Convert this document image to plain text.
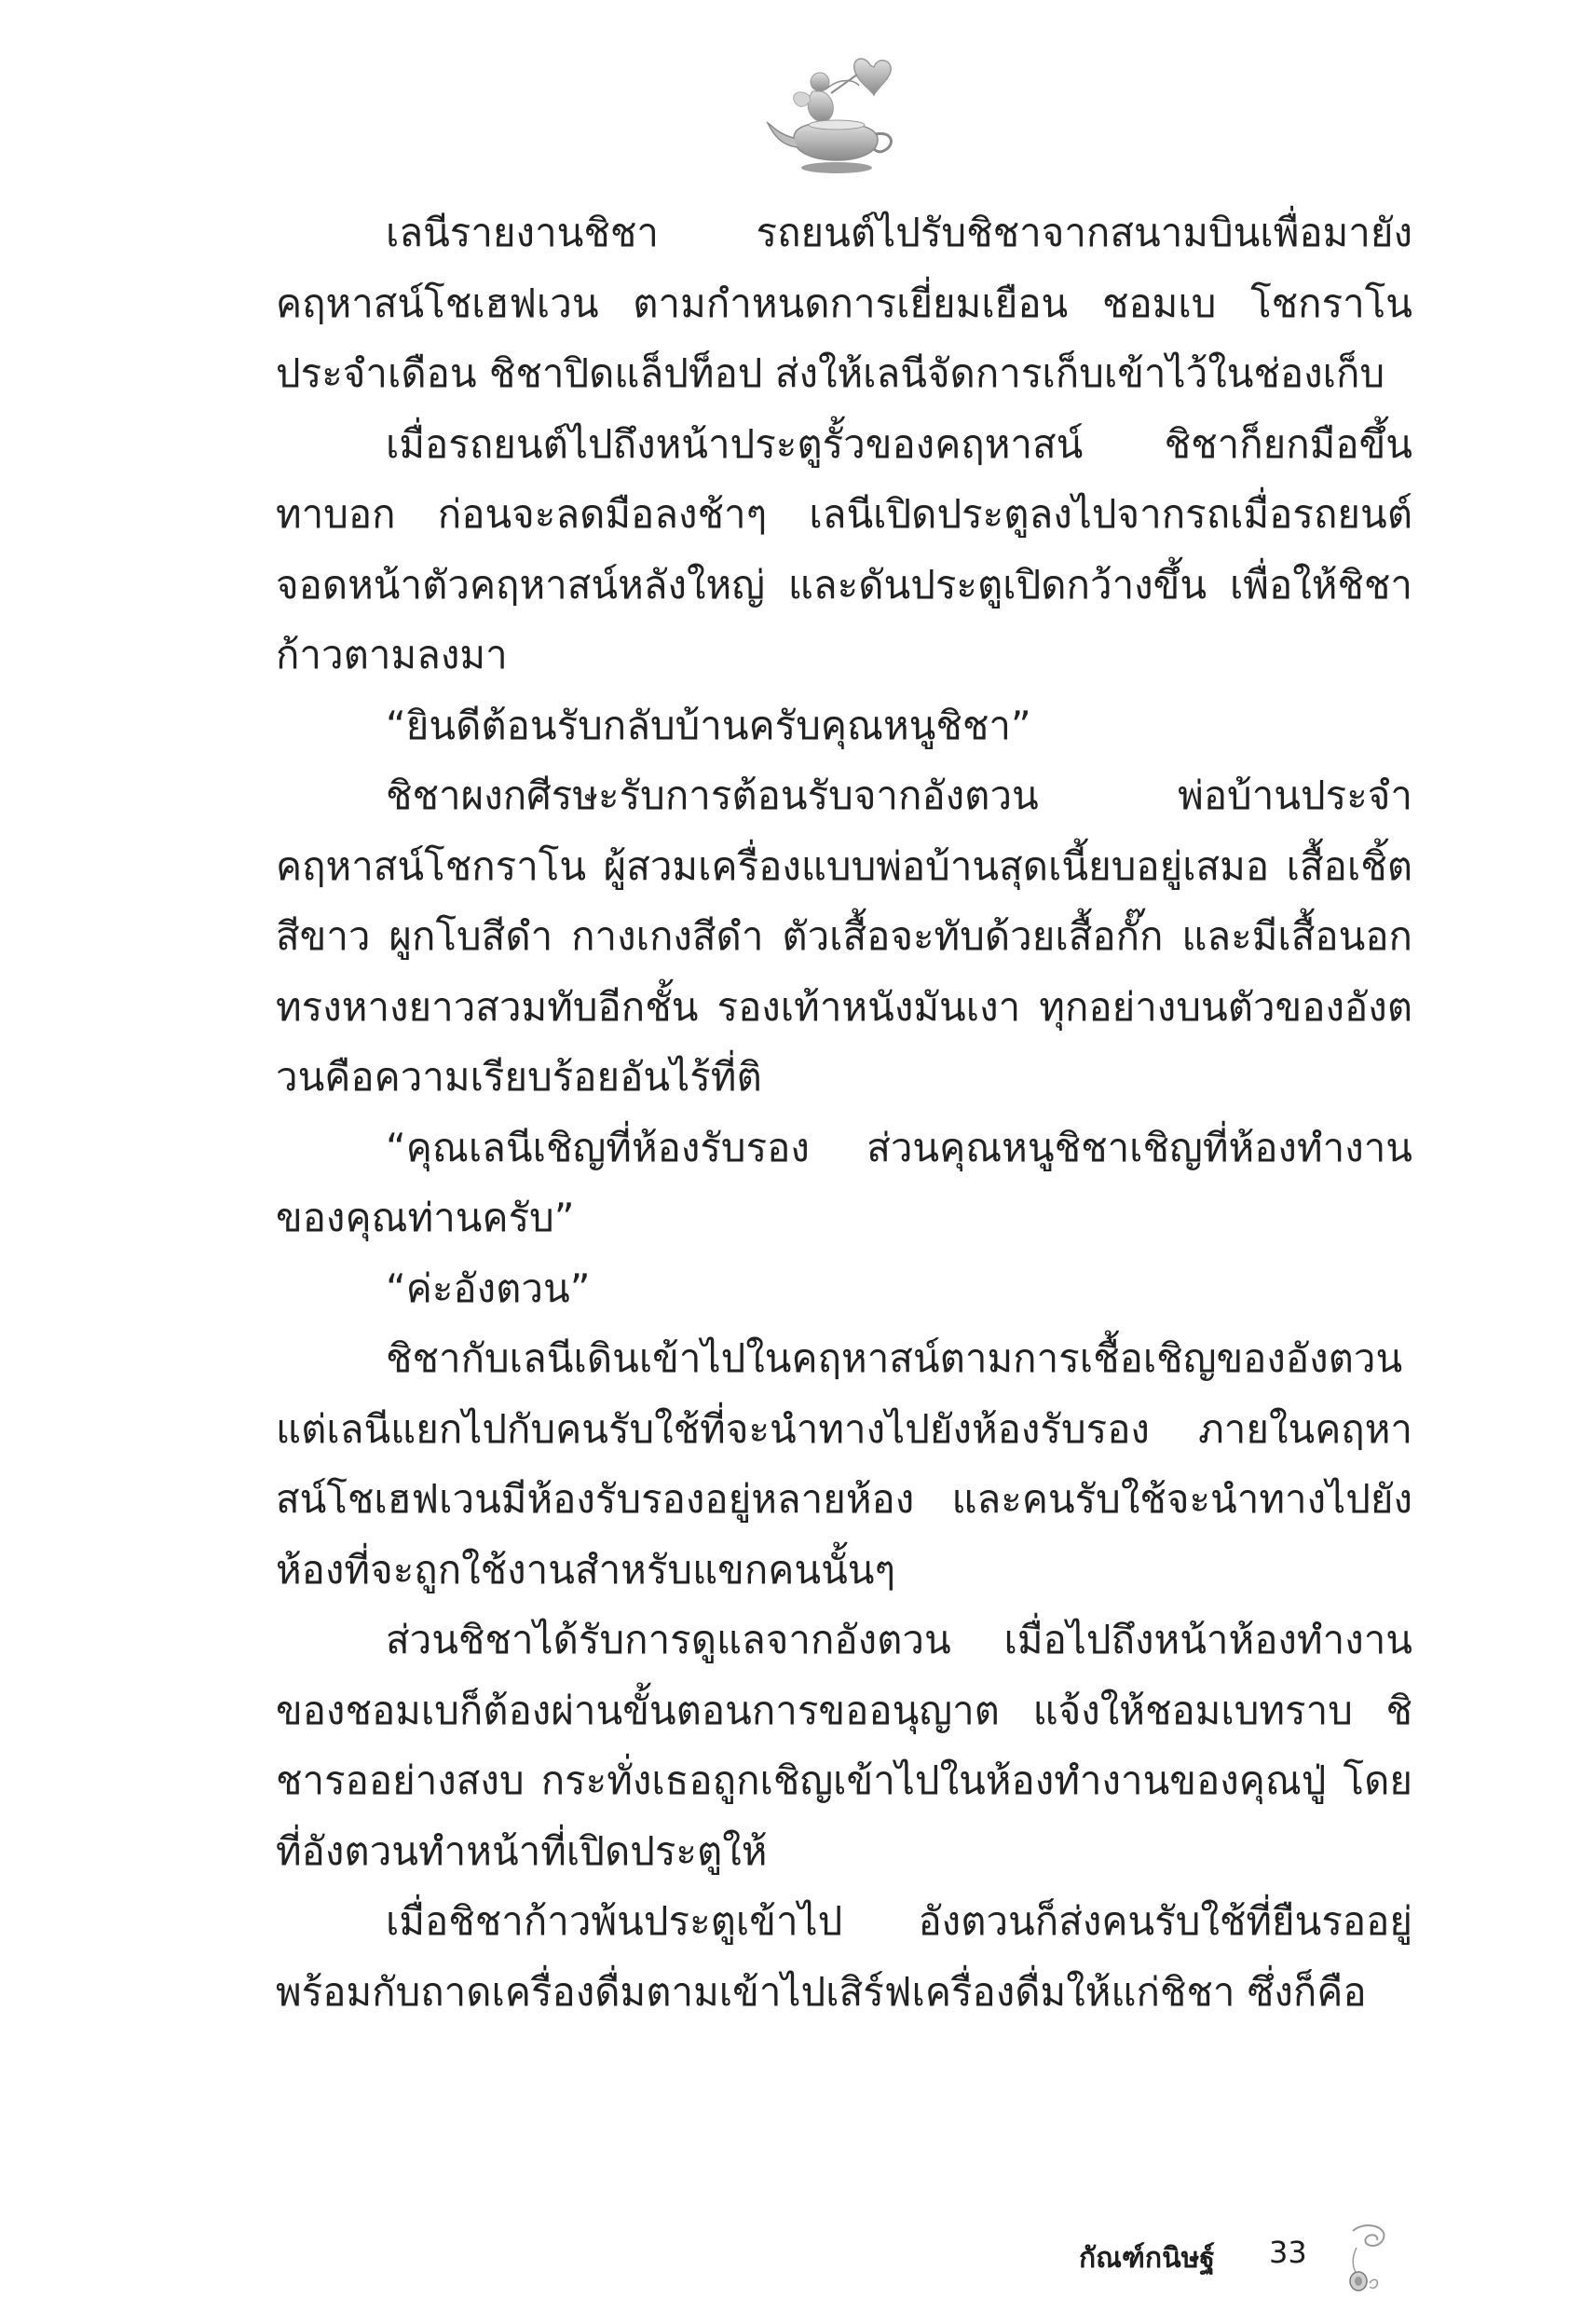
เลนีรายงานชิชา รถยนต์ไปรับชิชาจากสนามบินเพื่อมายังคฤหาสน์โชเฮฟเวน ตามกำหนดการเยี่ยมเยือน ชอมเบ โชกราโนประจำเดือน ชิชาปิดแล็ปท็อป ส่งให้เลนีจัดการเก็บเข้าไว้ในช่องเก็บ

เมื่อรถยนต์ไปถึงหน้าประตูรั้วของคฤหาสน์ ชิชาก็ยกมือขึ้นทาบอก ก่อนจะลดมือลงช้าๆ เลนีเปิดประตูลงไปจากรถเมื่อรถยนต์จอดหน้าตัวคฤหาสน์หลังใหญ่ และดันประตูเปิดกว้างขึ้น เพื่อให้ชิชาก้าวตามลงมา

“ยินดีต้อนรับกลับบ้านครับคุณหนูชิชา”

ชิชาผงกศีรษะรับการต้อนรับจากอังตวน พ่อบ้านประจำคฤหาสน์โชกราโน ผู้สวมเครื่องแบบพ่อบ้านสุดเนี้ยบอยู่เสมอ เสื้อเชิ้ตสีขาว ผูกโบสีดำ กางเกงสีดำ ตัวเสื้อจะทับด้วยเสื้อกั๊ก และมีเสื้อนอกทรงหางยาวสวมทับอีกชั้น รองเท้าหนังมันเงา ทุกอย่างบนตัวของอังตวนคือความเรียบร้อยอันไร้ที่ติ

“คุณเลนีเชิญที่ห้องรับรอง ส่วนคุณหนูชิชาเชิญที่ห้องทำงานของคุณท่านครับ”

“ค่ะอังตวน”

ชิชากับเลนีเดินเข้าไปในคฤหาสน์ตามการเชื้อเชิญของอังตวน แต่เลนีแยกไปกับคนรับใช้ที่จะนำทางไปยังห้องรับรอง ภายในคฤหาสน์โชเฮฟเวนมีห้องรับรองอยู่หลายห้อง และคนรับใช้จะนำทางไปยังห้องที่จะถูกใช้งานสำหรับแขกคนนั้นๆ

ส่วนชิชาได้รับการดูแลจากอังตวน เมื่อไปถึงหน้าห้องทำงานของชอมเบก็ต้องผ่านขั้นตอนการขออนุญาต แจ้งให้ชอมเบทราบ ชิชารออย่างสงบ กระทั่งเธอถูกเชิญเข้าไปในห้องทำงานของคุณปู่ โดยที่อังตวนทำหน้าที่เปิดประตูให้

เมื่อชิชาก้าวพ้นประตูเข้าไป อังตวนก็ส่งคนรับใช้ที่ยืนรออยู่พร้อมกับถาดเครื่องดื่มตามเข้าไปเสิร์ฟเครื่องดื่มให้แก่ชิชา ซึ่งก็คือ

กัณฑ์กนิษฐ์ 33
